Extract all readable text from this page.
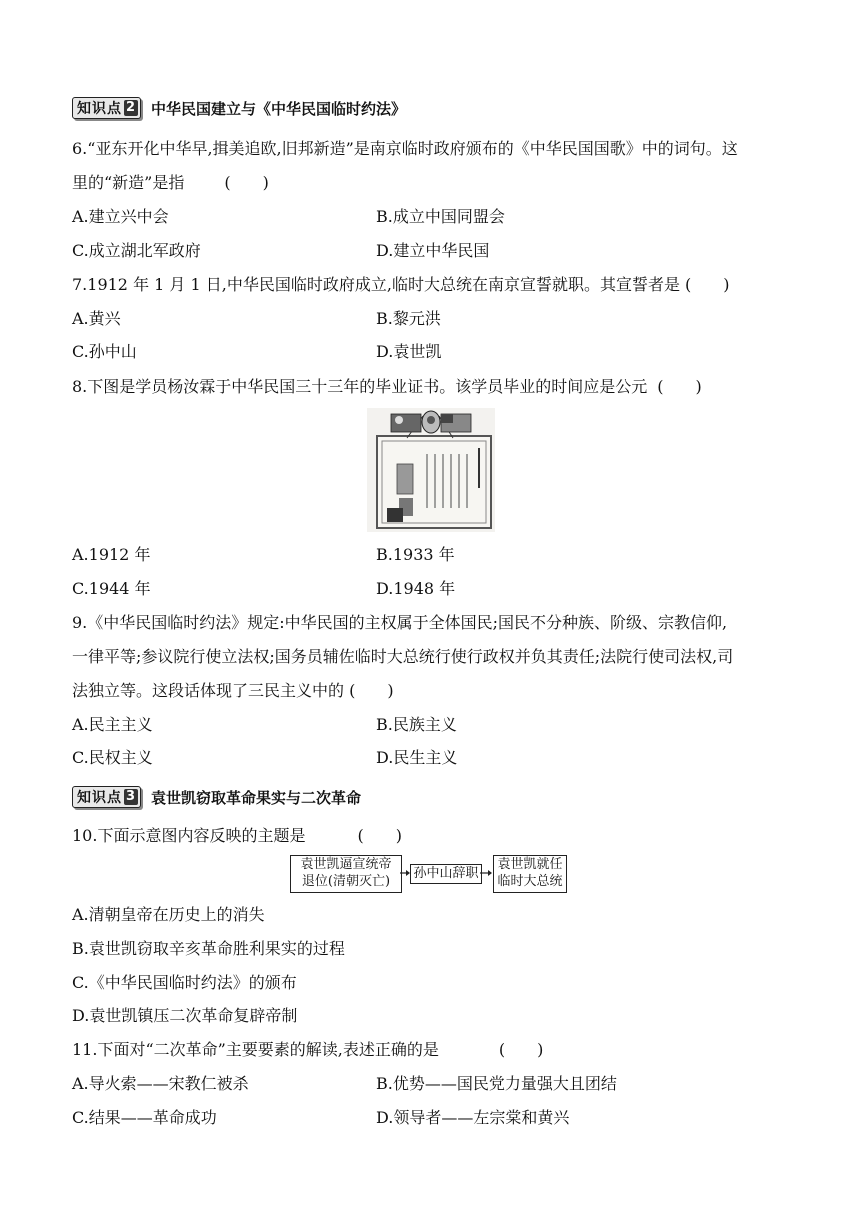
知识点 2 中华民国建立与《中华民国临时约法》
6.“亚东开化中华早,揖美追欧,旧邦新造”是南京临时政府颁布的《中华民国国歌》中的词句。这
里的“新造”是指	(　　)
A.建立兴中会	B.成立中国同盟会
C.成立湖北军政府	D.建立中华民国
7.1912 年 1 月 1 日,中华民国临时政府成立,临时大总统在南京宣誓就职。其宣誓者是 (　　)
A.黄兴	B.黎元洪
C.孙中山	D.袁世凯
8.下图是学员杨汝霖于中华民国三十三年的毕业证书。该学员毕业的时间应是公元 (　　)
A.1912 年	B.1933 年
C.1944 年	D.1948 年
9.《中华民国临时约法》规定:中华民国的主权属于全体国民;国民不分种族、阶级、宗教信仰,
一律平等;参议院行使立法权;国务员辅佐临时大总统行使行政权并负其责任;法院行使司法权,司
法独立等。这段话体现了三民主义中的 (　　)
A.民主主义	B.民族主义
C.民权主义	D.民生主义
知识点 3 袁世凯窃取革命果实与二次革命
10.下面示意图内容反映的主题是	(　　)
袁世凯逼宣统帝
退位(清朝灭亡)
孙中山辞职
袁世凯就任
临时大总统
A.清朝皇帝在历史上的消失
B.袁世凯窃取辛亥革命胜利果实的过程
C.《中华民国临时约法》的颁布
D.袁世凯镇压二次革命复辟帝制
11.下面对“二次革命”主要要素的解读,表述正确的是	(　　)
A.导火索——宋教仁被杀	B.优势——国民党力量强大且团结
C.结果——革命成功	D.领导者——左宗棠和黄兴
